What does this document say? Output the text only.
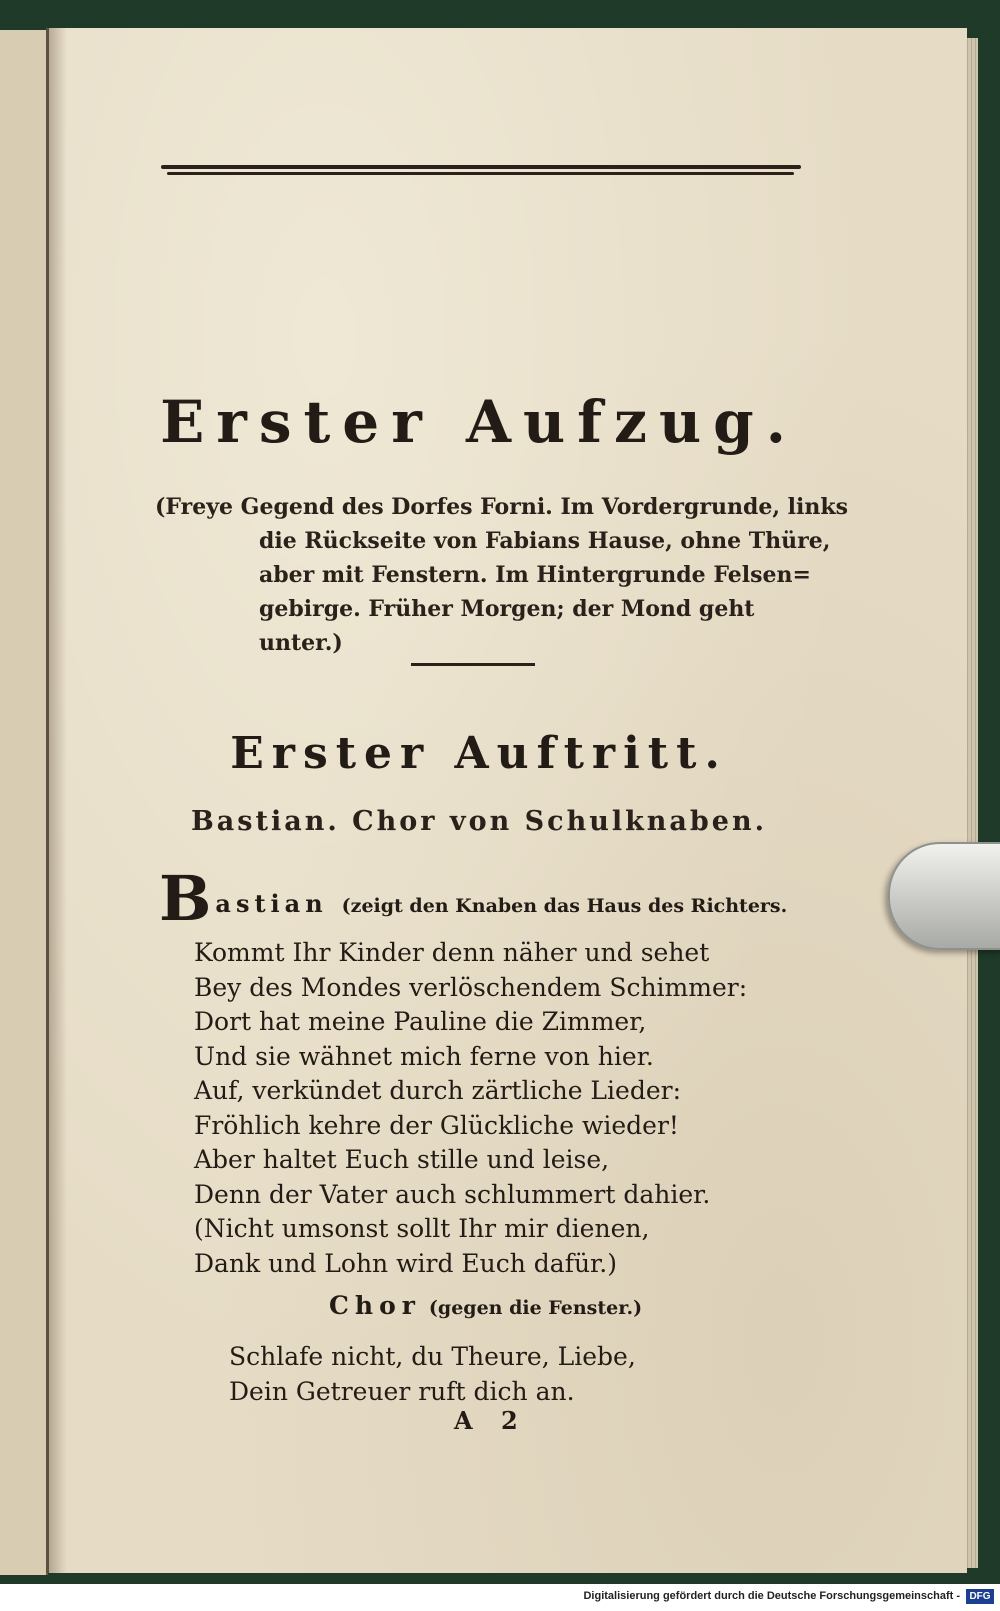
Erster Aufzug.
(Freye Gegend des Dorfes Forni. Im Vordergrunde, links
die Rückseite von Fabians Hause, ohne Thüre,
aber mit Fenstern. Im Hintergrunde Felsen=
gebirge. Früher Morgen; der Mond geht
unter.)
Erster Auftritt.
Bastian. Chor von Schulknaben.
Bastian (zeigt den Knaben das Haus des Richters.
Kommt Ihr Kinder denn näher und sehet
Bey des Mondes verlöschendem Schimmer:
Dort hat meine Pauline die Zimmer,
Und sie wähnet mich ferne von hier.
Auf, verkündet durch zärtliche Lieder:
Fröhlich kehre der Glückliche wieder!
Aber haltet Euch stille und leise,
Denn der Vater auch schlummert dahier.
(Nicht umsonst sollt Ihr mir dienen,
Dank und Lohn wird Euch dafür.)
Chor (gegen die Fenster.)
Schlafe nicht, du Theure, Liebe,
Dein Getreuer ruft dich an.
A 2
Digitalisierung gefördert durch die Deutsche Forschungsgemeinschaft - DFG
